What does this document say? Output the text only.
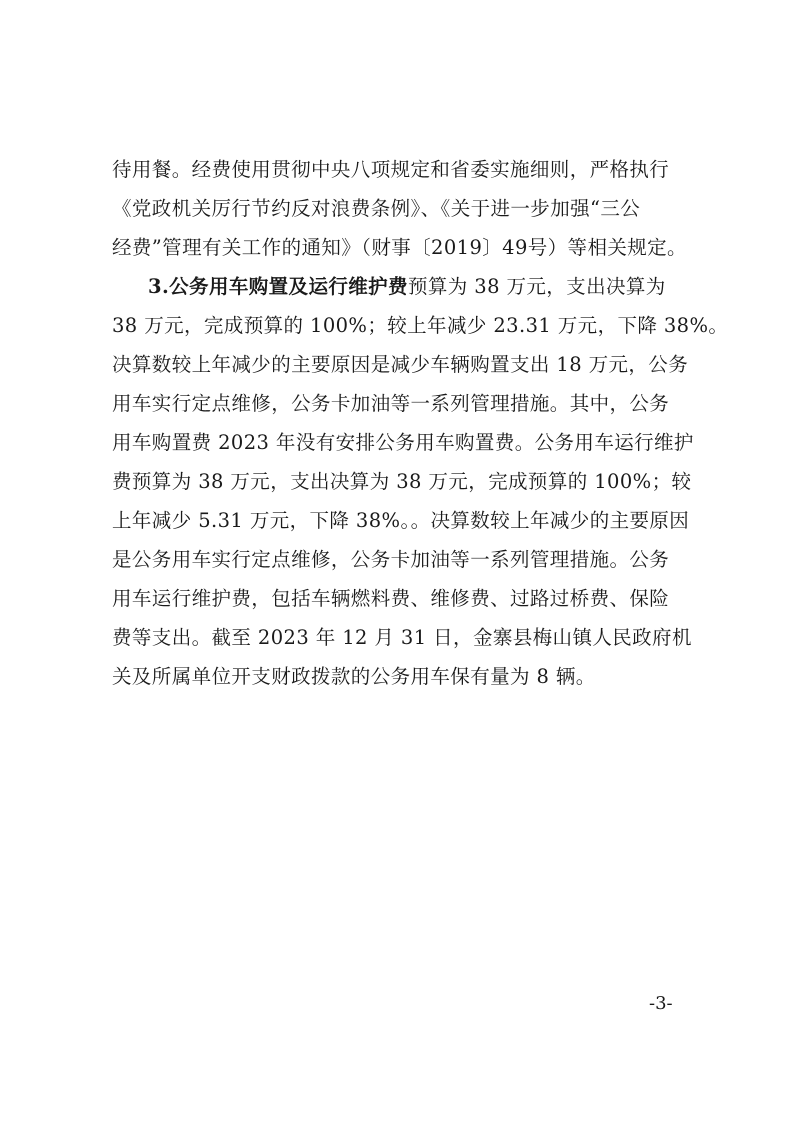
待用餐。经费使用贯彻中央八项规定和省委实施细则，严格执行
《党政机关厉行节约反对浪费条例》、《关于进一步加强“三公
经费”管理有关工作的通知》（财事〔2019〕49号）等相关规定。
3.公务用车购置及运行维护费预算为 38 万元，支出决算为
38 万元，完成预算的 100%；较上年减少 23.31 万元，下降 38%。
决算数较上年减少的主要原因是减少车辆购置支出 18 万元，公务
用车实行定点维修，公务卡加油等一系列管理措施。其中，公务
用车购置费 2023 年没有安排公务用车购置费。公务用车运行维护
费预算为 38 万元，支出决算为 38 万元，完成预算的 100%；较
上年减少 5.31 万元，下降 38%。。决算数较上年减少的主要原因
是公务用车实行定点维修，公务卡加油等一系列管理措施。公务
用车运行维护费，包括车辆燃料费、维修费、过路过桥费、保险
费等支出。截至 2023 年 12 月 31 日，金寨县梅山镇人民政府机
关及所属单位开支财政拨款的公务用车保有量为 8 辆。
-3-
